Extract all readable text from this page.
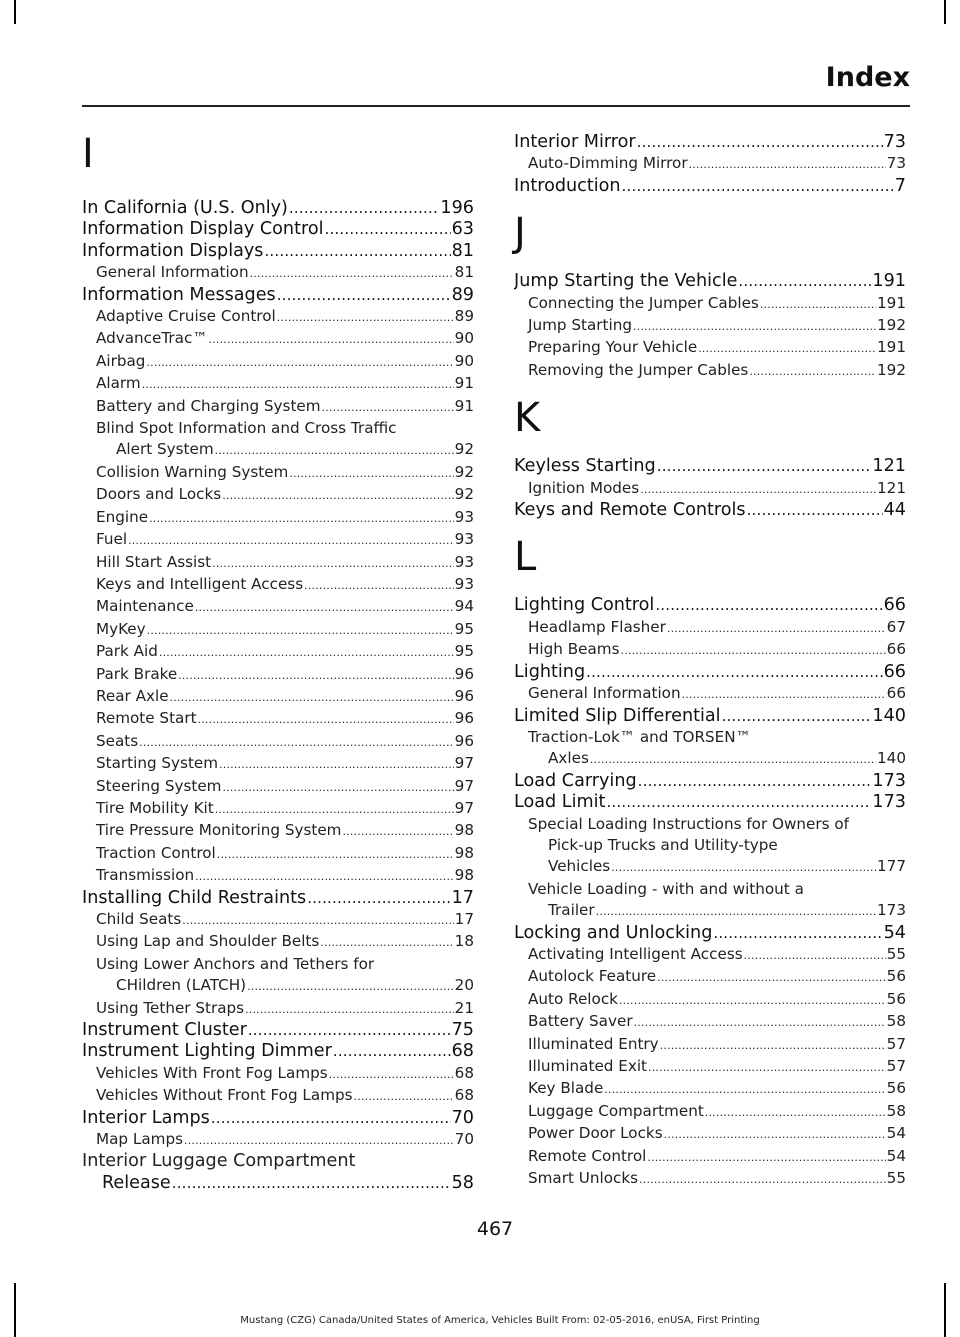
Index
I
In California (U.S. Only) .....	196
Information Display Control .....	63
Information Displays .....	81
General Information .....	81
Information Messages .....	89
Adaptive Cruise Control .....	89
AdvanceTrac™ .....	90
Airbag .....	90
Alarm .....	91
Battery and Charging System .....	91
Blind Spot Information and Cross Traffic
Alert System .....	92
Collision Warning System .....	92
Doors and Locks .....	92
Engine .....	93
Fuel .....	93
Hill Start Assist .....	93
Keys and Intelligent Access .....	93
Maintenance .....	94
MyKey .....	95
Park Aid .....	95
Park Brake .....	96
Rear Axle .....	96
Remote Start .....	96
Seats .....	96
Starting System .....	97
Steering System .....	97
Tire Mobility Kit .....	97
Tire Pressure Monitoring System .....	98
Traction Control .....	98
Transmission .....	98
Installing Child Restraints .....	17
Child Seats .....	17
Using Lap and Shoulder Belts .....	18
Using Lower Anchors and Tethers for
CHildren (LATCH) .....	20
Using Tether Straps .....	21
Instrument Cluster .....	75
Instrument Lighting Dimmer .....	68
Vehicles With Front Fog Lamps .....	68
Vehicles Without Front Fog Lamps .....	68
Interior Lamps .....	70
Map Lamps .....	70
Interior Luggage Compartment
Release .....	58
Interior Mirror .....	73
Auto-Dimming Mirror .....	73
Introduction .....	7
J
Jump Starting the Vehicle .....	191
Connecting the Jumper Cables .....	191
Jump Starting .....	192
Preparing Your Vehicle .....	191
Removing the Jumper Cables .....	192
K
Keyless Starting .....	121
Ignition Modes .....	121
Keys and Remote Controls .....	44
L
Lighting Control .....	66
Headlamp Flasher .....	67
High Beams .....	66
Lighting .....	66
General Information .....	66
Limited Slip Differential .....	140
Traction-Lok™ and TORSEN™
Axles .....	140
Load Carrying .....	173
Load Limit .....	173
Special Loading Instructions for Owners of
Pick-up Trucks and Utility-type
Vehicles .....	177
Vehicle Loading - with and without a
Trailer .....	173
Locking and Unlocking .....	54
Activating Intelligent Access .....	55
Autolock Feature .....	56
Auto Relock .....	56
Battery Saver .....	58
Illuminated Entry .....	57
Illuminated Exit .....	57
Key Blade .....	56
Luggage Compartment .....	58
Power Door Locks .....	54
Remote Control .....	54
Smart Unlocks .....	55
467
Mustang (CZG) Canada/United States of America, Vehicles Built From: 02-05-2016, enUSA, First Printing
